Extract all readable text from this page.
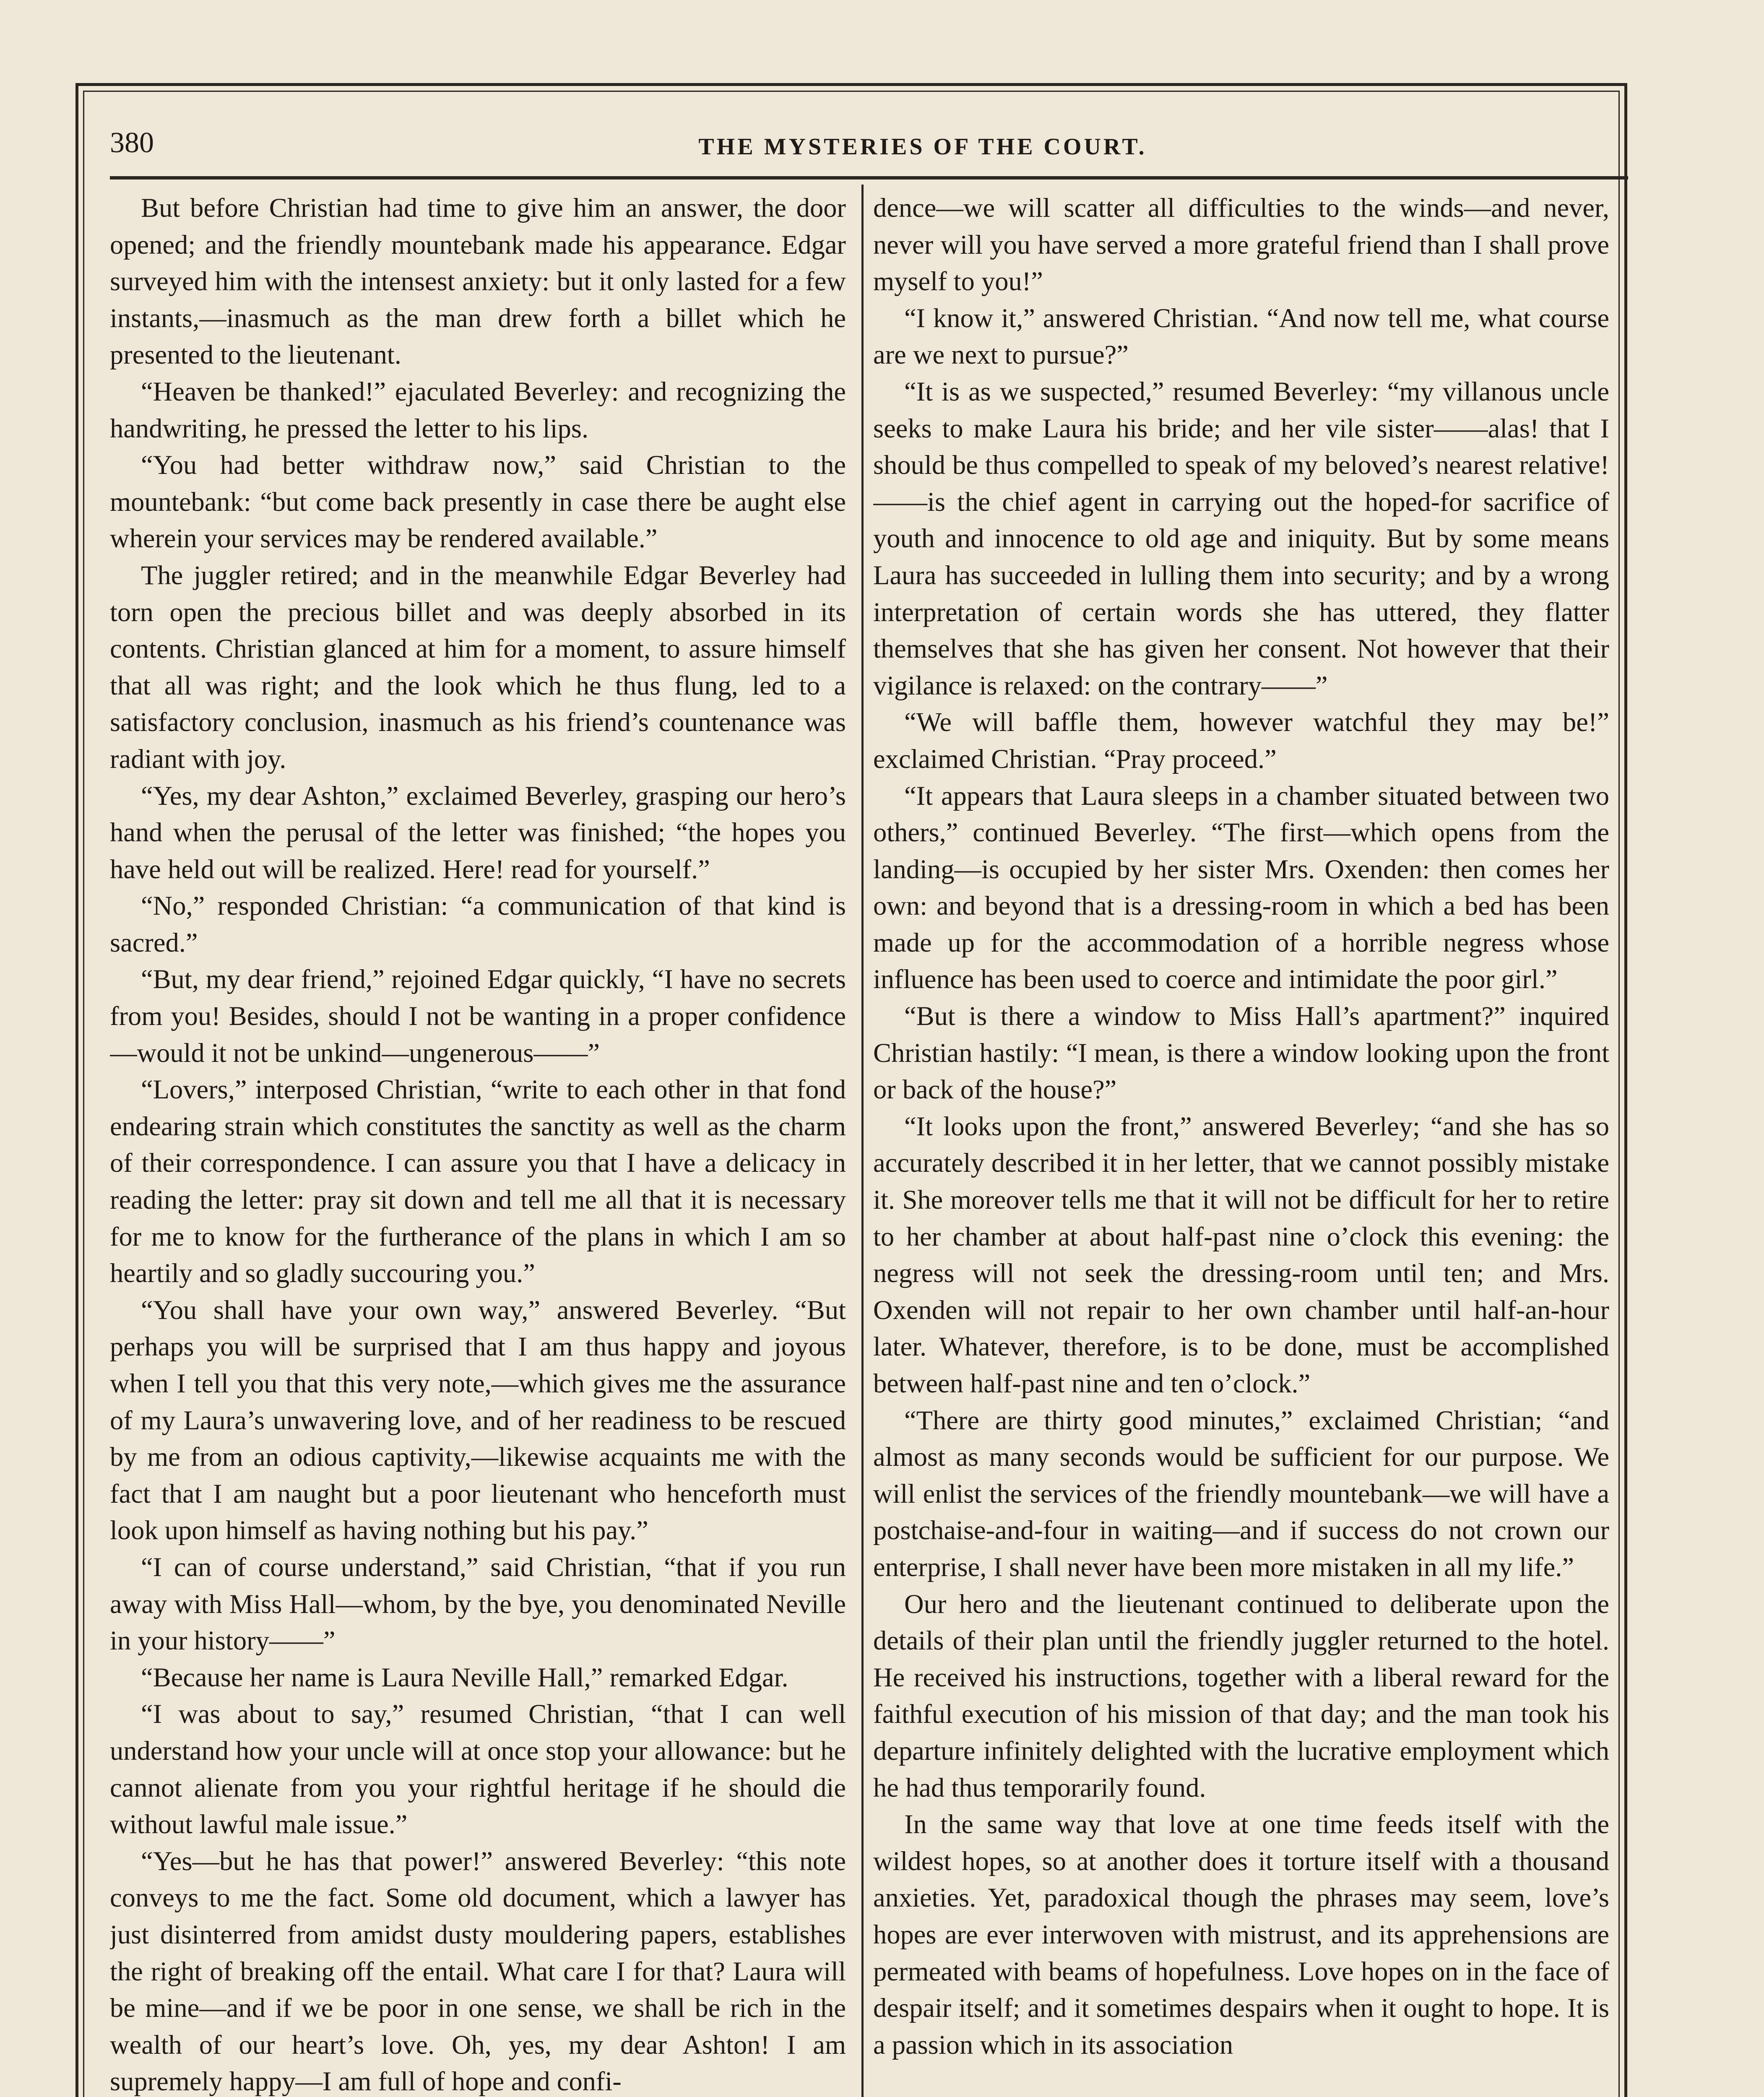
380	THE MYSTERIES OF THE COURT.

But before Christian had time to give him an answer, the door opened; and the friendly mountebank made his appearance. Edgar surveyed him with the intensest anxiety: but it only lasted for a few instants,—inasmuch as the man drew forth a billet which he presented to the lieutenant.

“Heaven be thanked!” ejaculated Beverley: and recognizing the handwriting, he pressed the letter to his lips.

“You had better withdraw now,” said Christian to the mountebank: “but come back presently in case there be aught else wherein your services may be rendered available.”

The juggler retired; and in the meanwhile Edgar Beverley had torn open the precious billet and was deeply absorbed in its contents. Christian glanced at him for a moment, to assure himself that all was right; and the look which he thus flung, led to a satisfactory conclusion, inasmuch as his friend’s countenance was radiant with joy.

“Yes, my dear Ashton,” exclaimed Beverley, grasping our hero’s hand when the perusal of the letter was finished; “the hopes you have held out will be realized. Here! read for yourself.”

“No,” responded Christian: “a communication of that kind is sacred.”

“But, my dear friend,” rejoined Edgar quickly, “I have no secrets from you! Besides, should I not be wanting in a proper confidence—would it not be unkind—ungenerous——”

“Lovers,” interposed Christian, “write to each other in that fond endearing strain which constitutes the sanctity as well as the charm of their correspondence. I can assure you that I have a delicacy in reading the letter: pray sit down and tell me all that it is necessary for me to know for the furtherance of the plans in which I am so heartily and so gladly succouring you.”

“You shall have your own way,” answered Beverley. “But perhaps you will be surprised that I am thus happy and joyous when I tell you that this very note,—which gives me the assurance of my Laura’s unwavering love, and of her readiness to be rescued by me from an odious captivity,—likewise acquaints me with the fact that I am naught but a poor lieutenant who henceforth must look upon himself as having nothing but his pay.”

“I can of course understand,” said Christian, “that if you run away with Miss Hall—whom, by the bye, you denominated Neville in your history——”

“Because her name is Laura Neville Hall,” remarked Edgar.

“I was about to say,” resumed Christian, “that I can well understand how your uncle will at once stop your allowance: but he cannot alienate from you your rightful heritage if he should die without lawful male issue.”

“Yes—but he has that power!” answered Beverley: “this note conveys to me the fact. Some old document, which a lawyer has just disinterred from amidst dusty mouldering papers, establishes the right of breaking off the entail. What care I for that? Laura will be mine—and if we be poor in one sense, we shall be rich in the wealth of our heart’s love. Oh, yes, my dear Ashton! I am supremely happy—I am full of hope and confi-

dence—we will scatter all difficulties to the winds—and never, never will you have served a more grateful friend than I shall prove myself to you!”

“I know it,” answered Christian. “And now tell me, what course are we next to pursue?”

“It is as we suspected,” resumed Beverley: “my villanous uncle seeks to make Laura his bride; and her vile sister——alas! that I should be thus compelled to speak of my beloved’s nearest relative!——is the chief agent in carrying out the hoped-for sacrifice of youth and innocence to old age and iniquity. But by some means Laura has succeeded in lulling them into security; and by a wrong interpretation of certain words she has uttered, they flatter themselves that she has given her consent. Not however that their vigilance is relaxed: on the contrary——”

“We will baffle them, however watchful they may be!” exclaimed Christian. “Pray proceed.”

“It appears that Laura sleeps in a chamber situated between two others,” continued Beverley. “The first—which opens from the landing—is occupied by her sister Mrs. Oxenden: then comes her own: and beyond that is a dressing-room in which a bed has been made up for the accommodation of a horrible negress whose influence has been used to coerce and intimidate the poor girl.”

“But is there a window to Miss Hall’s apartment?” inquired Christian hastily: “I mean, is there a window looking upon the front or back of the house?”

“It looks upon the front,” answered Beverley; “and she has so accurately described it in her letter, that we cannot possibly mistake it. She moreover tells me that it will not be difficult for her to retire to her chamber at about half-past nine o’clock this evening: the negress will not seek the dressing-room until ten; and Mrs. Oxenden will not repair to her own chamber until half-an-hour later. Whatever, therefore, is to be done, must be accomplished between half-past nine and ten o’clock.”

“There are thirty good minutes,” exclaimed Christian; “and almost as many seconds would be sufficient for our purpose. We will enlist the services of the friendly mountebank—we will have a postchaise-and-four in waiting—and if success do not crown our enterprise, I shall never have been more mistaken in all my life.”

Our hero and the lieutenant continued to deliberate upon the details of their plan until the friendly juggler returned to the hotel. He received his instructions, together with a liberal reward for the faithful execution of his mission of that day; and the man took his departure infinitely delighted with the lucrative employment which he had thus temporarily found.

In the same way that love at one time feeds itself with the wildest hopes, so at another does it torture itself with a thousand anxieties. Yet, paradoxical though the phrases may seem, love’s hopes are ever interwoven with mistrust, and its apprehensions are permeated with beams of hopefulness. Love hopes on in the face of despair itself; and it sometimes despairs when it ought to hope. It is a passion which in its association
